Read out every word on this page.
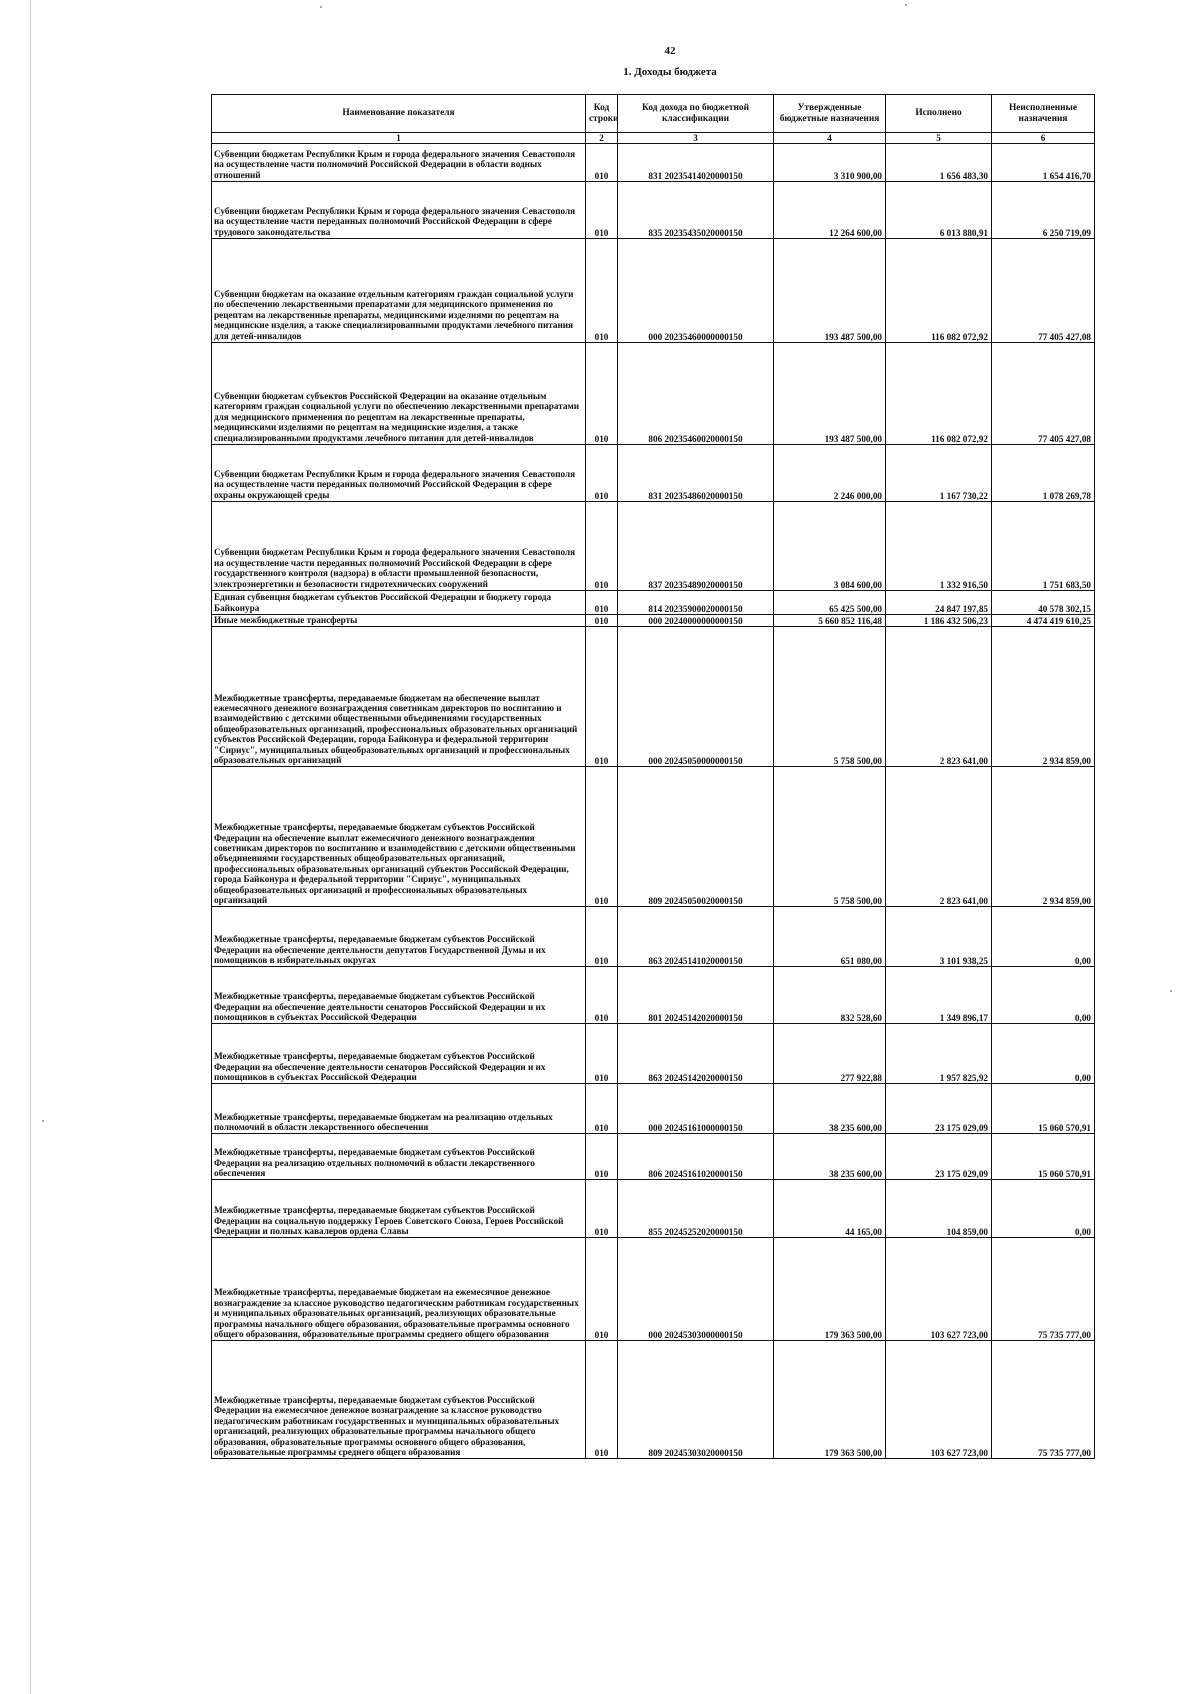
42
1. Доходы бюджета
Наименование показателя	Код строки	Код дохода по бюджетной классификации	Утвержденные бюджетные назначения	Исполнено	Неисполненные назначения
1	2	3	4	5	6
Субвенции бюджетам Республики Крым и города федерального значения Севастополя на осуществление части полномочий Российской Федерации в области водных отношений	010	831 20235414020000150	3 310 900,00	1 656 483,30	1 654 416,70
Субвенции бюджетам Республики Крым и города федерального значения Севастополя на осуществление части переданных полномочий Российской Федерации в сфере трудового законодательства	010	835 20235435020000150	12 264 600,00	6 013 880,91	6 250 719,09
Субвенции бюджетам на оказание отдельным категориям граждан социальной услуги по обеспечению лекарственными препаратами для медицинского применения по рецептам на лекарственные препараты, медицинскими изделиями по рецептам на медицинские изделия, а также специализированными продуктами лечебного питания для детей-инвалидов	010	000 20235460000000150	193 487 500,00	116 082 072,92	77 405 427,08
Субвенции бюджетам субъектов Российской Федерации на оказание отдельным категориям граждан социальной услуги по обеспечению лекарственными препаратами для медицинского применения по рецептам на лекарственные препараты, медицинскими изделиями по рецептам на медицинские изделия, а также специализированными продуктами лечебного питания для детей-инвалидов	010	806 20235460020000150	193 487 500,00	116 082 072,92	77 405 427,08
Субвенции бюджетам Республики Крым и города федерального значения Севастополя на осуществление части переданных полномочий Российской Федерации в сфере охраны окружающей среды	010	831 20235486020000150	2 246 000,00	1 167 730,22	1 078 269,78
Субвенции бюджетам Республики Крым и города федерального значения Севастополя на осуществление части переданных полномочий Российской Федерации в сфере государственного контроля (надзора) в области промышленной безопасности, электроэнергетики и безопасности гидротехнических сооружений	010	837 20235489020000150	3 084 600,00	1 332 916,50	1 751 683,50
Единая субвенция бюджетам субъектов Российской Федерации и бюджету города Байконура	010	814 20235900020000150	65 425 500,00	24 847 197,85	40 578 302,15
Иные межбюджетные трансферты	010	000 20240000000000150	5 660 852 116,48	1 186 432 506,23	4 474 419 610,25
Межбюджетные трансферты, передаваемые бюджетам на обеспечение выплат ежемесячного денежного вознаграждения советникам директоров по воспитанию и взаимодействию с детскими общественными объединениями государственных общеобразовательных организаций, профессиональных образовательных организаций субъектов Российской Федерации, города Байконура и федеральной территории "Сириус", муниципальных общеобразовательных организаций и профессиональных образовательных организаций	010	000 20245050000000150	5 758 500,00	2 823 641,00	2 934 859,00
Межбюджетные трансферты, передаваемые бюджетам субъектов Российской Федерации на обеспечение выплат ежемесячного денежного вознаграждения советникам директоров по воспитанию и взаимодействию с детскими общественными объединениями государственных общеобразовательных организаций, профессиональных образовательных организаций субъектов Российской Федерации, города Байконура и федеральной территории "Сириус", муниципальных общеобразовательных организаций и профессиональных образовательных организаций	010	809 20245050020000150	5 758 500,00	2 823 641,00	2 934 859,00
Межбюджетные трансферты, передаваемые бюджетам субъектов Российской Федерации на обеспечение деятельности депутатов Государственной Думы и их помощников в избирательных округах	010	863 20245141020000150	651 080,00	3 101 938,25	0,00
Межбюджетные трансферты, передаваемые бюджетам субъектов Российской Федерации на обеспечение деятельности сенаторов Российской Федерации и их помощников в субъектах Российской Федерации	010	801 20245142020000150	832 528,60	1 349 896,17	0,00
Межбюджетные трансферты, передаваемые бюджетам субъектов Российской Федерации на обеспечение деятельности сенаторов Российской Федерации и их помощников в субъектах Российской Федерации	010	863 20245142020000150	277 922,88	1 957 825,92	0,00
Межбюджетные трансферты, передаваемые бюджетам на реализацию отдельных полномочий в области лекарственного обеспечения	010	000 20245161000000150	38 235 600,00	23 175 029,09	15 060 570,91
Межбюджетные трансферты, передаваемые бюджетам субъектов Российской Федерации на реализацию отдельных полномочий в области лекарственного обеспечения	010	806 20245161020000150	38 235 600,00	23 175 029,09	15 060 570,91
Межбюджетные трансферты, передаваемые бюджетам субъектов Российской Федерации на социальную поддержку Героев Советского Союза, Героев Российской Федерации и полных кавалеров ордена Славы	010	855 20245252020000150	44 165,00	104 859,00	0,00
Межбюджетные трансферты, передаваемые бюджетам на ежемесячное денежное вознаграждение за классное руководство педагогическим работникам государственных и муниципальных образовательных организаций, реализующих образовательные программы начального общего образования, образовательные программы основного общего образования, образовательные программы среднего общего образования	010	000 20245303000000150	179 363 500,00	103 627 723,00	75 735 777,00
Межбюджетные трансферты, передаваемые бюджетам субъектов Российской Федерации на ежемесячное денежное вознаграждение за классное руководство педагогическим работникам государственных и муниципальных образовательных организаций, реализующих образовательные программы начального общего образования, образовательные программы основного общего образования, образовательные программы среднего общего образования	010	809 20245303020000150	179 363 500,00	103 627 723,00	75 735 777,00
